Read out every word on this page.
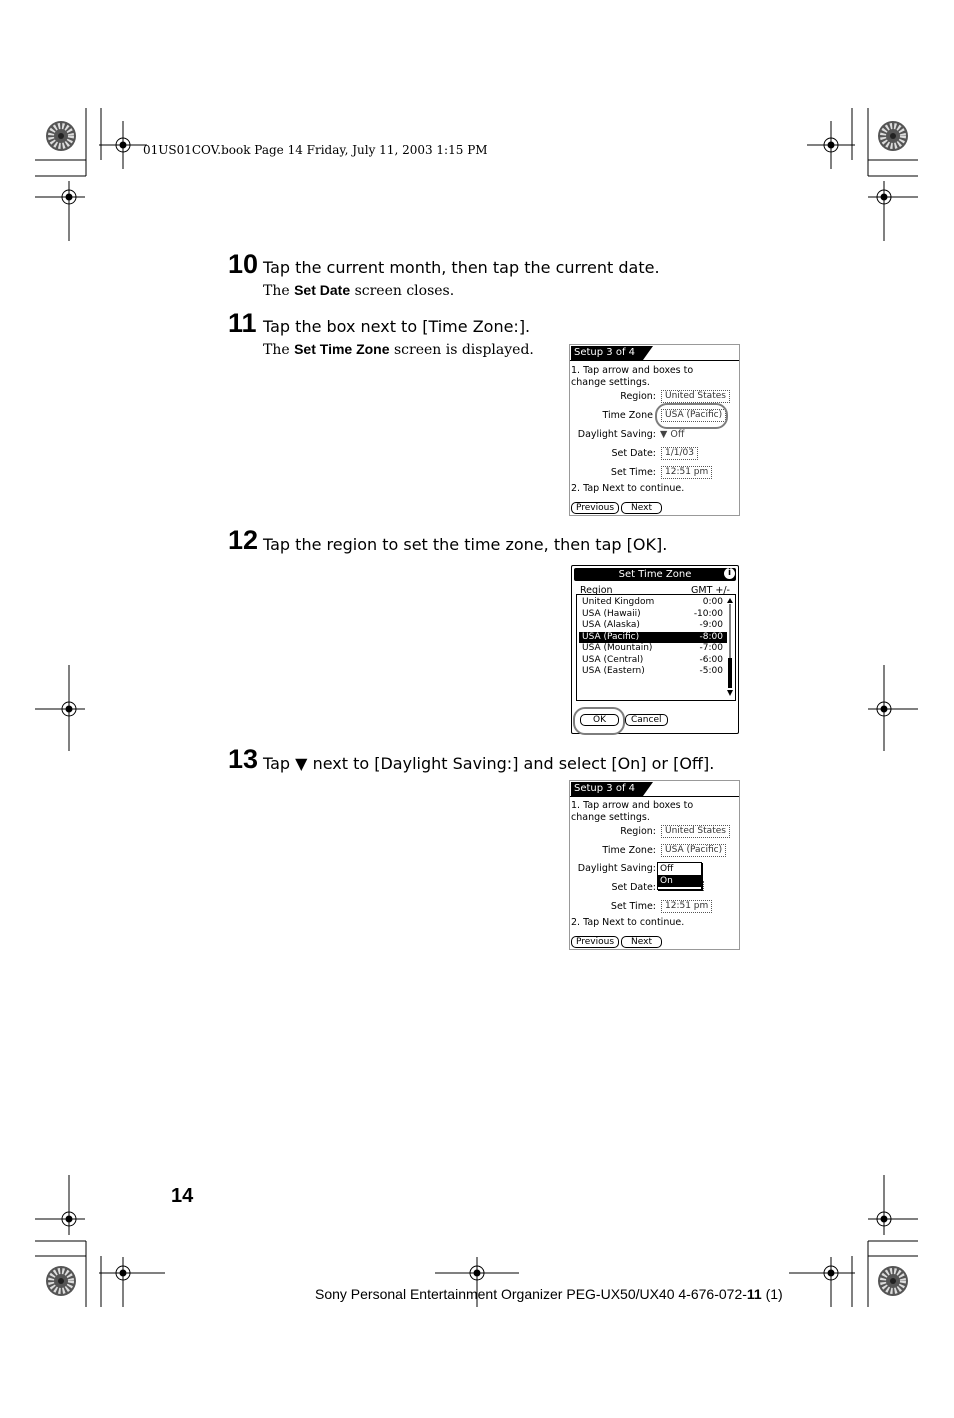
01US01COV.book Page 14 Friday, July 11, 2003 1:15 PM
10 Tap the current month, then tap the current date.
The Set Date screen closes.
11 Tap the box next to [Time Zone:].
The Set Time Zone screen is displayed.	Setup 3 of 4
1. Tap arrow and boxes to
change settings.
Region:	United States
Time Zone	USA (Pacific)
Daylight Saving: ▼ Off
Set Date:	1/1/03
Set Time:	12:51 pm
2. Tap Next to continue.
Previous	Next
12 Tap the region to set the time zone, then tap [OK].
Set Time Zone	i
Region	GMT +/-
United Kingdom	0:00
USA (Hawaii)	-10:00
USA (Alaska)	-9:00
USA (Pacific)	-8:00
USA (Mountain)	-7:00
USA (Central)	-6:00
USA (Eastern)	-5:00
OK	Cancel
13 Tap ▼ next to [Daylight Saving:] and select [On] or [Off].
Setup 3 of 4
1. Tap arrow and boxes to
change settings.
Region:	United States
Time Zone:	USA (Pacific)
Daylight Saving:
Set Date:
Off
On
Set Time:	12:51 pm
2. Tap Next to continue.
Previous	Next
14
Sony Personal Entertainment Organizer PEG-UX50/UX40 4-676-072-11 (1)
